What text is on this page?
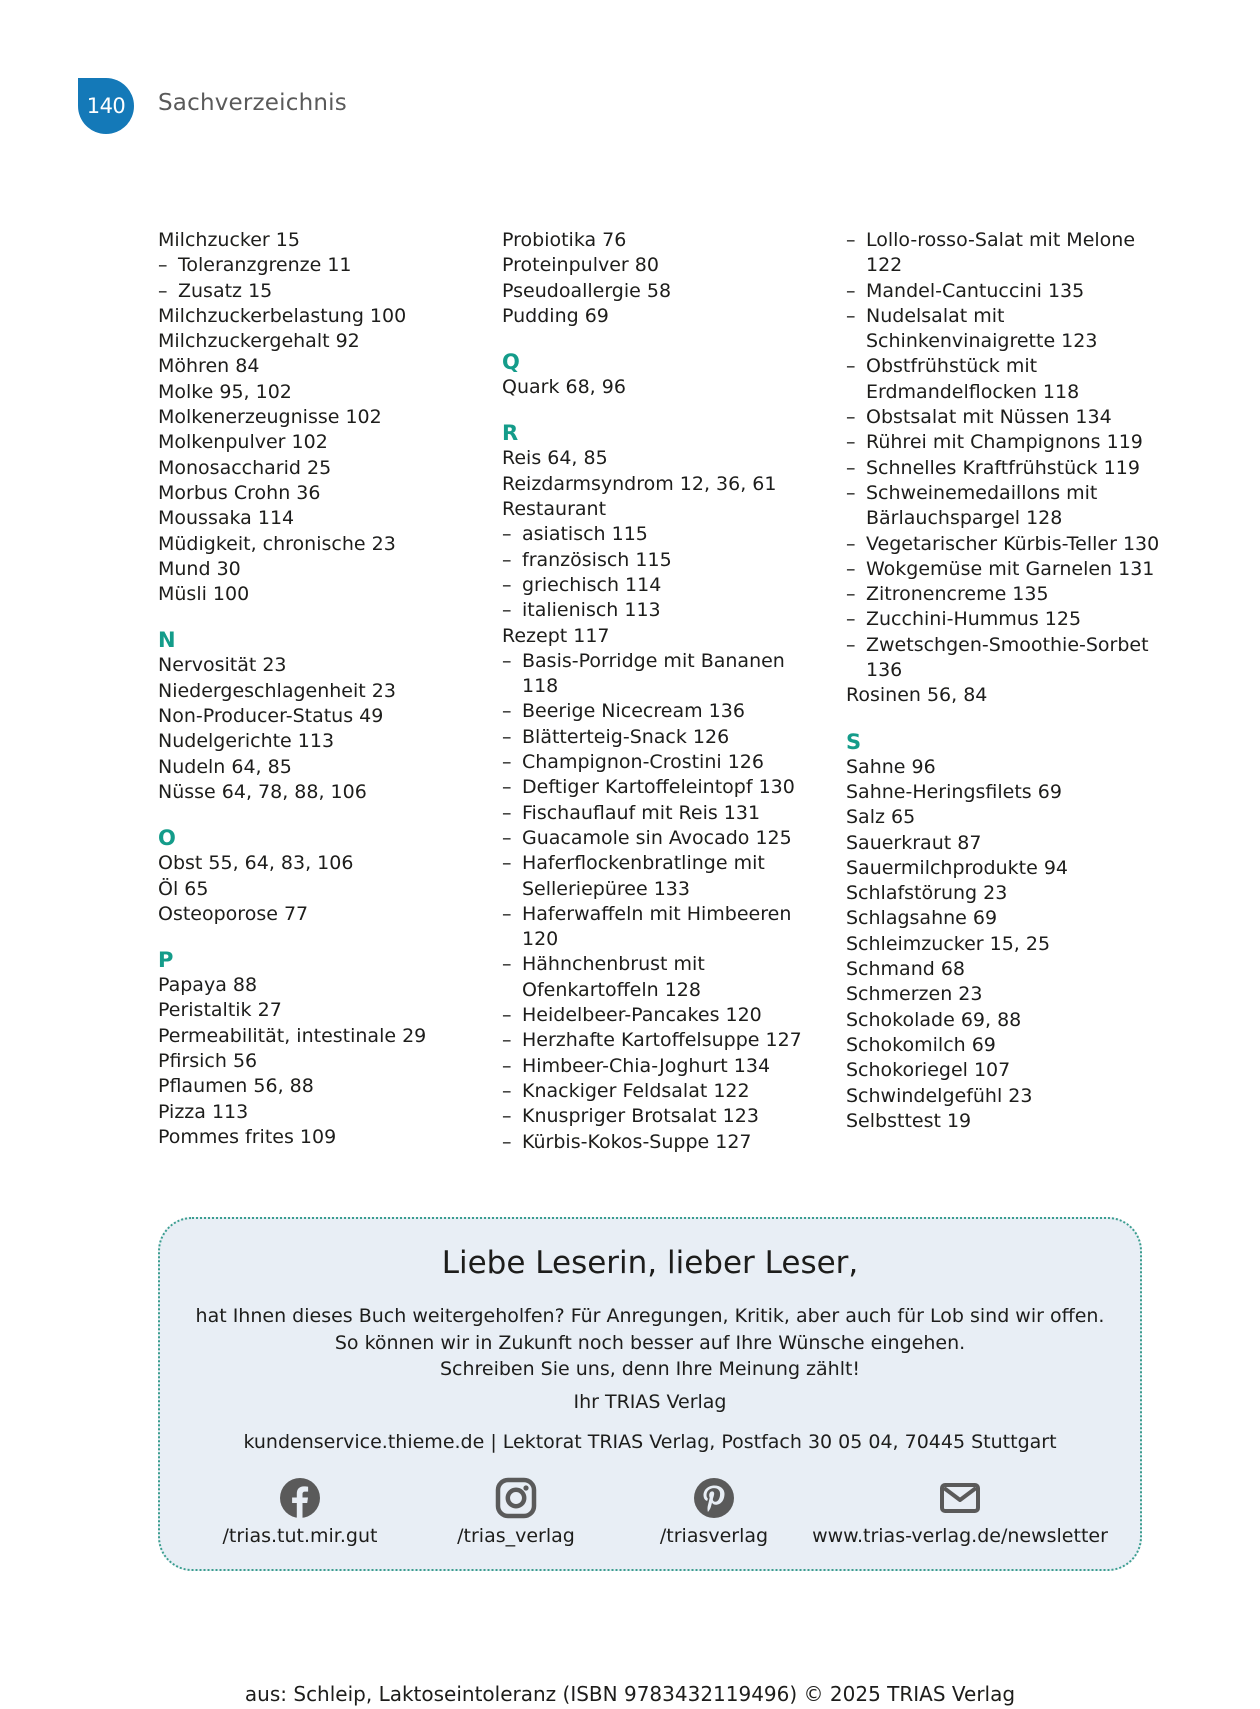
140	Sachverzeichnis
Milchzucker 15
– Toleranzgrenze 11
– Zusatz 15
Milchzuckerbelastung 100
Milchzuckergehalt 92
Möhren 84
Molke 95, 102
Molkenerzeugnisse 102
Molkenpulver 102
Monosaccharid 25
Morbus Crohn 36
Moussaka 114
Müdigkeit, chronische 23
Mund 30
Müsli 100
N
Nervosität 23
Niedergeschlagenheit 23
Non-Producer-Status 49
Nudelgerichte 113
Nudeln 64, 85
Nüsse 64, 78, 88, 106
O
Obst 55, 64, 83, 106
Öl 65
Osteoporose 77
P
Papaya 88
Peristaltik 27
Permeabilität, intestinale 29
Pfirsich 56
Pflaumen 56, 88
Pizza 113
Pommes frites 109
Probiotika 76
Proteinpulver 80
Pseudoallergie 58
Pudding 69
Q
Quark 68, 96
R
Reis 64, 85
Reizdarmsyndrom 12, 36, 61
Restaurant
– asiatisch 115
– französisch 115
– griechisch 114
– italienisch 113
Rezept 117
– Basis-Porridge mit Bananen 118
– Beerige Nicecream 136
– Blätterteig-Snack 126
– Champignon-Crostini 126
– Deftiger Kartoffeleintopf 130
– Fischauflauf mit Reis 131
– Guacamole sin Avocado 125
– Haferflockenbratlinge mit Selleriepüree 133
– Haferwaffeln mit Himbeeren 120
– Hähnchenbrust mit Ofenkartoffeln 128
– Heidelbeer-Pancakes 120
– Herzhafte Kartoffelsuppe 127
– Himbeer-Chia-Joghurt 134
– Knackiger Feldsalat 122
– Knuspriger Brotsalat 123
– Kürbis-Kokos-Suppe 127
– Lollo-rosso-Salat mit Melone 122
– Mandel-Cantuccini 135
– Nudelsalat mit Schinkenvinaigrette 123
– Obstfrühstück mit Erdmandelflocken 118
– Obstsalat mit Nüssen 134
– Rührei mit Champignons 119
– Schnelles Kraftfrühstück 119
– Schweinemedaillons mit Bärlauchspargel 128
– Vegetarischer Kürbis-Teller 130
– Wokgemüse mit Garnelen 131
– Zitronencreme 135
– Zucchini-Hummus 125
– Zwetschgen-Smoothie-Sorbet 136
Rosinen 56, 84
S
Sahne 96
Sahne-Heringsfilets 69
Salz 65
Sauerkraut 87
Sauermilchprodukte 94
Schlafstörung 23
Schlagsahne 69
Schleimzucker 15, 25
Schmand 68
Schmerzen 23
Schokolade 69, 88
Schokomilch 69
Schokoriegel 107
Schwindelgefühl 23
Selbsttest 19
Liebe Leserin, lieber Leser,
hat Ihnen dieses Buch weitergeholfen? Für Anregungen, Kritik, aber auch für Lob sind wir offen.
So können wir in Zukunft noch besser auf Ihre Wünsche eingehen.
Schreiben Sie uns, denn Ihre Meinung zählt!
Ihr TRIAS Verlag
kundenservice.thieme.de | Lektorat TRIAS Verlag, Postfach 30 05 04, 70445 Stuttgart
/trias.tut.mir.gut	/trias_verlag	/triasverlag	www.trias-verlag.de/newsletter
aus: Schleip, Laktoseintoleranz (ISBN 9783432119496) © 2025 TRIAS Verlag
